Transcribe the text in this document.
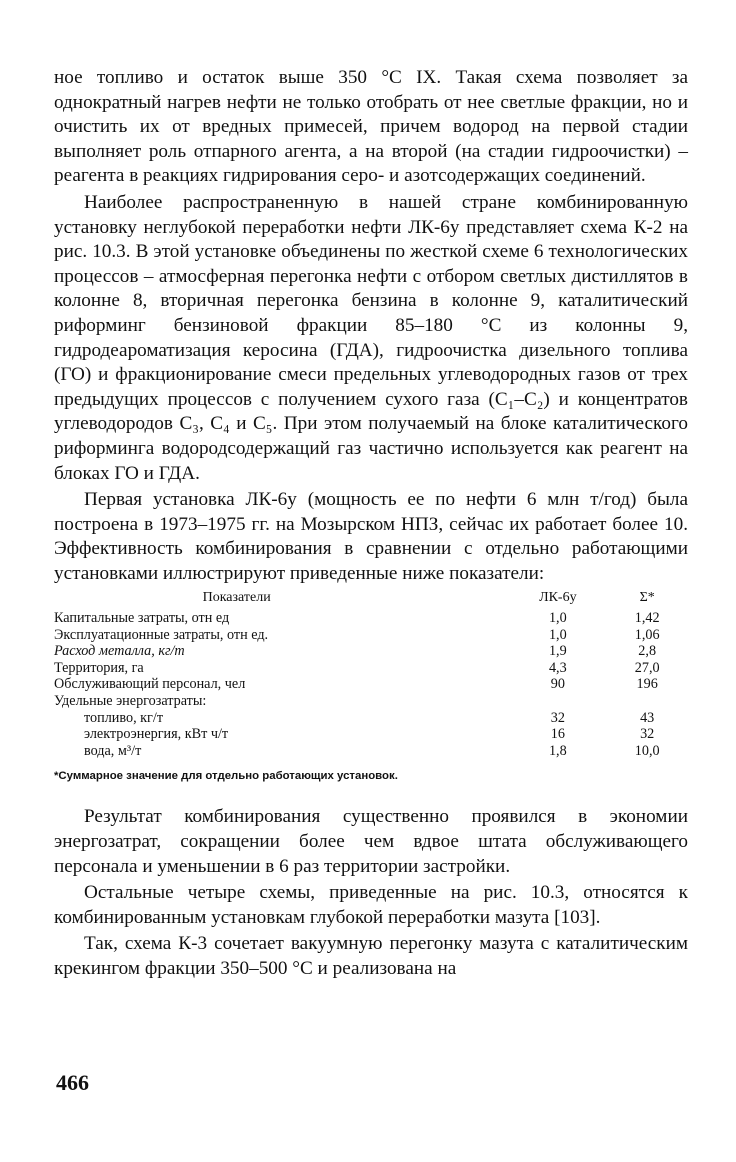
ное топливо и остаток выше 350 °С IX. Такая схема позволяет за однократный нагрев нефти не только отобрать от нее светлые фракции, но и очистить их от вредных примесей, причем водород на первой стадии выполняет роль отпарного агента, а на второй (на стадии гидроочистки) – реагента в реакциях гидрирования серо- и азотсодержащих соединений.

Наиболее распространенную в нашей стране комбинированную установку неглубокой переработки нефти ЛК-6у представляет схема К-2 на рис. 10.3. В этой установке объединены по жесткой схеме 6 технологических процессов – атмосферная перегонка нефти с отбором светлых дистиллятов в колонне 8, вторичная перегонка бензина в колонне 9, каталитический риформинг бензиновой фракции 85–180 °С из колонны 9, гидродеароматизация керосина (ГДА), гидроочистка дизельного топлива (ГО) и фракционирование смеси предельных углеводородных газов от трех предыдущих процессов с получением сухого газа (C₁–C₂) и концентратов углеводородов C₃, C₄ и C₅. При этом получаемый на блоке каталитического риформинга водородсодержащий газ частично используется как реагент на блоках ГО и ГДА.

Первая установка ЛК-6у (мощность ее по нефти 6 млн т/год) была построена в 1973–1975 гг. на Мозырском НПЗ, сейчас их работает более 10. Эффективность комбинирования в сравнении с отдельно работающими установками иллюстрируют приведенные ниже показатели:

Показатели	ЛК-6у	Σ*
Капитальные затраты, отн ед	1,0	1,42
Эксплуатационные затраты, отн ед.	1,0	1,06
Расход металла, кг/т	1,9	2,8
Территория, га	4,3	27,0
Обслуживающий персонал, чел	90	196
Удельные энергозатраты:		
топливо, кг/т	32	43
электроэнергия, кВт ч/т	16	32
вода, м³/т	1,8	10,0
*Суммарное значение для отдельно работающих установок.

Результат комбинирования существенно проявился в экономии энергозатрат, сокращении более чем вдвое штата обслуживающего персонала и уменьшении в 6 раз территории застройки.

Остальные четыре схемы, приведенные на рис. 10.3, относятся к комбинированным установкам глубокой переработки мазута [103].

Так, схема К-3 сочетает вакуумную перегонку мазута с каталитическим крекингом фракции 350–500 °С и реализована на

466
